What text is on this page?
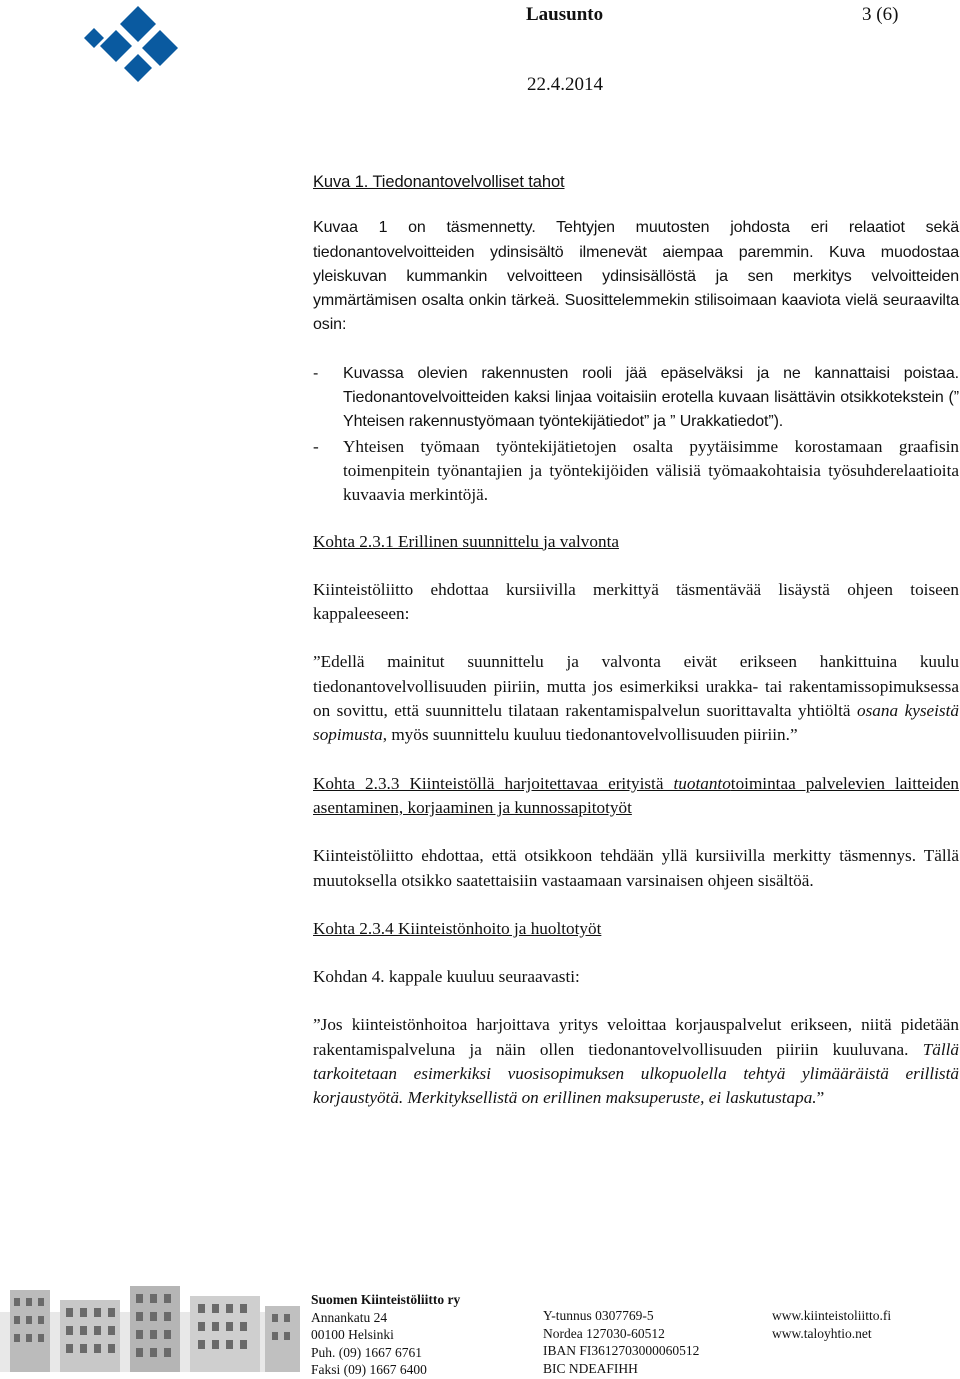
Lausunto	3 (6)
22.4.2014

Kuva 1. Tiedonantovelvolliset tahot

Kuvaa 1 on täsmennetty. Tehtyjen muutosten johdosta eri relaatiot sekä tiedonantovelvoitteiden ydinsisältö ilmenevät aiempaa paremmin. Kuva muodostaa yleiskuvan kummankin velvoitteen ydinsisällöstä ja sen merkitys velvoitteiden ymmärtämisen osalta onkin tärkeä. Suosittelemmekin stilisoimaan kaaviota vielä seuraavilta osin:

-	Kuvassa olevien rakennusten rooli jää epäselväksi ja ne kannattaisi poistaa. Tiedonantovelvoitteiden kaksi linjaa voitaisiin erotella kuvaan lisättävin otsikkotekstein (” Yhteisen rakennustyömaan työntekijätiedot” ja ” Urakkatiedot”).
-	Yhteisen työmaan työntekijätietojen osalta pyytäisimme korostamaan graafisin toimenpitein työnantajien ja työntekijöiden välisiä työmaakohtaisia työsuhderelaatioita kuvaavia merkintöjä.

Kohta 2.3.1 Erillinen suunnittelu ja valvonta

Kiinteistöliitto ehdottaa kursiivilla merkittyä täsmentävää lisäystä ohjeen toiseen kappaleeseen:

”Edellä mainitut suunnittelu ja valvonta eivät erikseen hankittuina kuulu tiedonantovelvollisuuden piiriin, mutta jos esimerkiksi urakka- tai rakentamissopimuksessa on sovittu, että suunnittelu tilataan rakentamispalvelun suorittavalta yhtiöltä osana kyseistä sopimusta, myös suunnittelu kuuluu tiedonantovelvollisuuden piiriin.”

Kohta 2.3.3 Kiinteistöllä harjoitettavaa erityistä tuotantotoimintaa palvelevien laitteiden asentaminen, korjaaminen ja kunnossapitotyöt

Kiinteistöliitto ehdottaa, että otsikkoon tehdään yllä kursiivilla merkitty täsmennys. Tällä muutoksella otsikko saatettaisiin vastaamaan varsinaisen ohjeen sisältöä.

Kohta 2.3.4 Kiinteistönhoito ja huoltotyöt

Kohdan 4. kappale kuuluu seuraavasti:

”Jos kiinteistönhoitoa harjoittava yritys veloittaa korjauspalvelut erikseen, niitä pidetään rakentamispalveluna ja näin ollen tiedonantovelvollisuuden piiriin kuuluvana. Tällä tarkoitetaan esimerkiksi vuosisopimuksen ulkopuolella tehtyä ylimääräistä erillistä korjaustyötä. Merkityksellistä on erillinen maksuperuste, ei laskutustapa.”

Suomen Kiinteistöliitto ry
Annankatu 24
00100 Helsinki
Puh. (09) 1667 6761
Faksi (09) 1667 6400
Y-tunnus 0307769-5
Nordea 127030-60512
IBAN FI3612703000060512
BIC NDEAFIHH
www.kiinteistoliitto.fi
www.taloyhtio.net
